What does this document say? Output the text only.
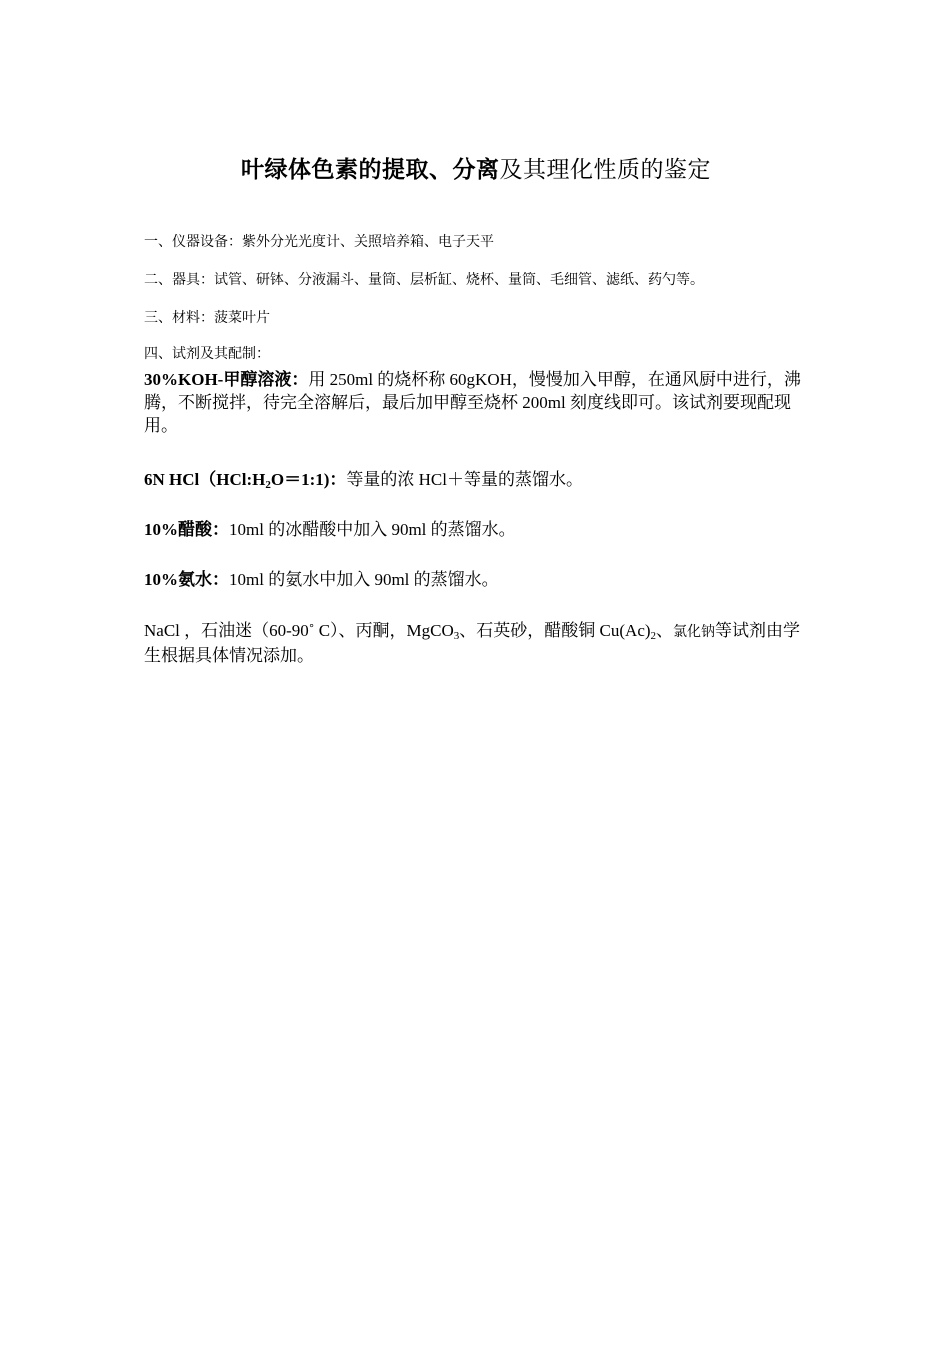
叶绿体色素的提取、分离及其理化性质的鉴定
一、仪器设备：紫外分光光度计、关照培养箱、电子天平
二、器具：试管、研钵、分液漏斗、量筒、层析缸、烧杯、量筒、毛细管、滤纸、药勺等。
三、材料：菠菜叶片
四、试剂及其配制：
30%KOH-甲醇溶液：用 250ml 的烧杯称 60gKOH，慢慢加入甲醇，在通风厨中进行，沸腾，不断搅拌，待完全溶解后，最后加甲醇至烧杯 200ml 刻度线即可。该试剂要现配现用。
6N HCl（HCl:H2O＝1:1)：等量的浓 HCl＋等量的蒸馏水。
10%醋酸：10ml 的冰醋酸中加入 90ml 的蒸馏水。
10%氨水：10ml 的氨水中加入 90ml 的蒸馏水。
NaCl ，石油迷（60-90˚ C）、丙酮，MgCO3、石英砂，醋酸铜 Cu(Ac)2、氯化钠等试剂由学生根据具体情况添加。
